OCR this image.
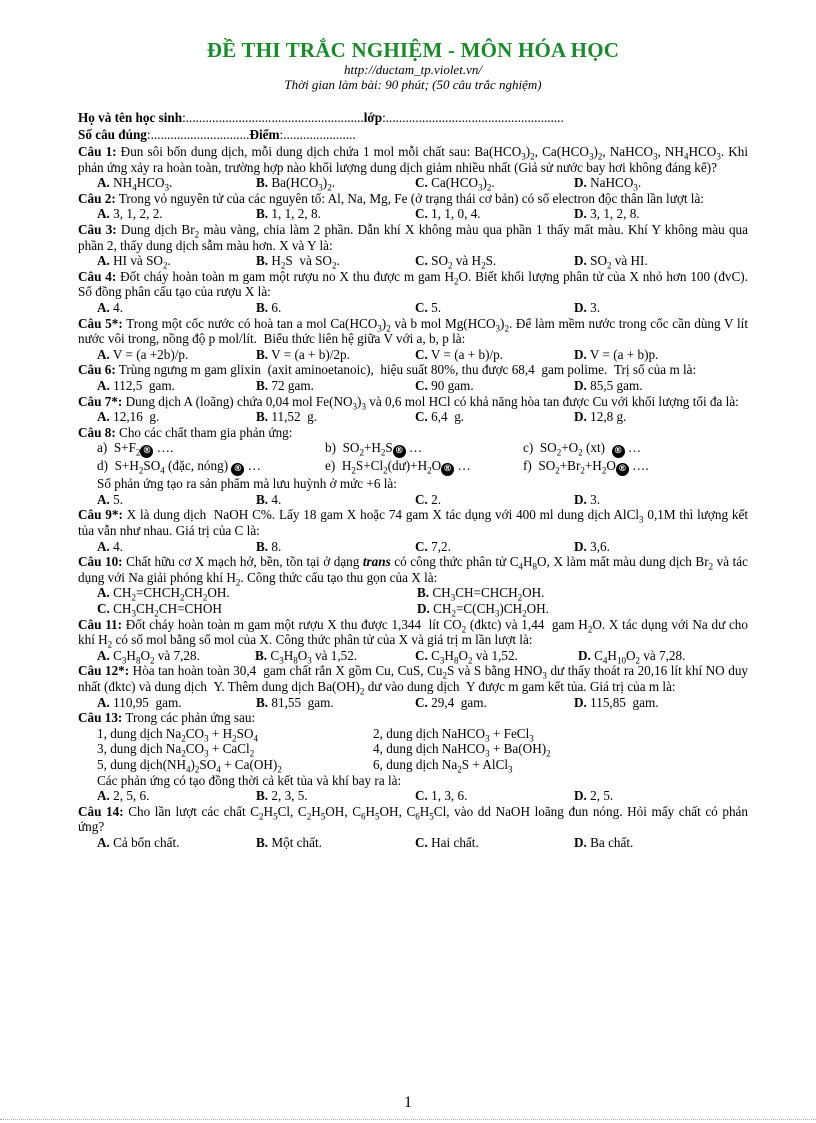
ĐỀ THI TRẮC NGHIỆM - MÔN HÓA HỌC
http://ductam_tp.violet.vn/
Thời gian làm bài: 90 phút; (50 câu trắc nghiệm)
Họ và tên học sinh:......................................................lớp:......................................................
Số câu đúng:..............................Điểm:......................
Câu 1: Đun sôi bốn dung dịch, mỗi dung dịch chứa 1 mol mỗi chất sau: $Ba(HCO_3)_2$, $Ca(HCO_3)_2$, NaHCO$_3$, $NH_4HCO_3$. Khi phản ứng xảy ra hoàn toàn, trường hợp nào khối lượng dung dịch giảm nhiều nhất (Giả sử nước bay hơi không đáng kể)?
A. $NH_4HCO_3$.	B. $Ba(HCO_3)_2$.	C. $Ca(HCO_3)_2$.	D. NaHCO$_3$.
Câu 2: Trong vỏ nguyên tử của các nguyên tố: Al, Na, Mg, Fe (ở trạng thái cơ bản) có số electron độc thân lần lượt là:
A. 3, 1, 2, 2.	B. 1, 1, 2, 8.	C. 1, 1, 0, 4.	D. 3, 1, 2, 8.
Câu 3: Dung dịch $Br_2$ màu vàng, chia làm 2 phần. Dẫn khí X không màu qua phần 1 thấy mất màu. Khí Y không màu qua phần 2, thấy dung dịch sẫm màu hơn. X và Y là:
A. HI và $SO_2$.	B. $H_2S$  và $SO_2$.	C. $SO_2$ và $H_2S$.	D. $SO_2$ và HI.
Câu 4: Đốt cháy hoàn toàn m gam một rượu no X thu được m gam $H_2O$. Biết khối lượng phân tử của X nhỏ hơn 100 (đvC). Số đồng phân cấu tạo của rượu X là:
A. 4.	B. 6.	C. 5.	D. 3.
Câu 5*: Trong một cốc nước có hoà tan a mol $Ca(HCO_3)_2$ và b mol $Mg(HCO_3)_2$. Để làm mềm nước trong cốc cần dùng V lít nước vôi trong, nồng độ p mol/lít.  Biểu thức liên hệ giữa V với a, b, p là:
A. V = (a +2b)/p.	B. V = (a + b)/2p.	C. V = (a + b)/p.	D. V = (a + b)p.
Câu 6: Trùng ngưng m gam glixin  (axit aminoetanoic),  hiệu suất 80%, thu được 68,4  gam polime.  Trị số của m là:
A. 112,5  gam.	B. 72 gam.	C. 90 gam.	D. 85,5 gam.
Câu 7*: Dung dịch A (loãng) chứa 0,04 mol $Fe(NO_3)_3$ và 0,6 mol HCl có khả năng hòa tan được Cu với khối lượng tối đa là:
A. 12,16  g.	B. 11,52  g.	C. 6,4  g.	D. 12,8 g.
Câu 8: Cho các chất tham gia phản ứng:
a)  $S+F_2$ ® ….	b)  $SO_2+H_2S$ ® …	c)  $SO_2+O_2$ (xt)  ® …
d)  $S+H_2SO_4$ (đặc, nóng) ® …	e)  $H_2S+Cl_2(dư)+H_2O$ ® …	f)  $SO_2+Br_2+H_2O$ ® ….
Số phản ứng tạo ra sản phẩm mà lưu huỳnh ở mức +6 là:
A. 5.	B. 4.	C. 2.	D. 3.
Câu 9*: X là dung dịch  NaOH C%. Lấy 18 gam X hoặc 74 gam X tác dụng với 400 ml dung dịch AlCl$_3$ 0,1M thì lượng kết tủa vẫn như nhau. Giá trị của C là:
A. 4.	B. 8.	C. 7,2.	D. 3,6.
Câu 10: Chất hữu cơ X mạch hở, bền, tồn tại ở dạng trans có công thức phân tử $C_4H_8O$, X làm mất màu dung dịch $Br_2$ và tác dụng với Na giải phóng khí $H_2$. Công thức cấu tạo thu gọn của X là:
A. $CH_2=CHCH_2CH_2OH$.	B. $CH_3CH=CHCH_2OH$.
C. $CH_3CH_2CH=CHOH$	D. $CH_2=C(CH_3)CH_2OH$.
Câu 11: Đốt cháy hoàn toàn m gam một rượu X thu được 1,344  lít $CO_2$ (đktc) và 1,44  gam $H_2O$. X tác dụng với Na dư cho khí $H_2$ có số mol bằng số mol của X. Công thức phân tử của X và giá trị m lần lượt là:
A. $C_3H_8O_2$ và 7,28.	B. $C_3H_8O_3$ và 1,52.	C. $C_3H_8O_2$ và 1,52.	D. $C_4H_{10}O_2$ và 7,28.
Câu 12*: Hòa tan hoàn toàn 30,4  gam chất rắn X gồm Cu, CuS, $Cu_2S$ và S bằng $HNO_3$ dư thấy thoát ra 20,16 lít khí NO duy nhất (đktc) và dung dịch  Y. Thêm dung dịch $Ba(OH)_2$ dư vào dung dịch  Y được m gam kết tủa. Giá trị của m là:
A. 110,95  gam.	B. 81,55  gam.	C. 29,4  gam.	D. 115,85  gam.
Câu 13: Trong các phản ứng sau:
1, dung dịch $Na_2CO_3 + H_2SO_4$	2, dung dịch NaHCO$_3$ + FeCl$_3$
3, dung dịch $Na_2CO_3$ + CaCl$_2$	4, dung dịch NaHCO$_3$ + $Ba(OH)_2$
5, dung $dịch(NH_4)_2SO_4 + Ca(OH)_2$	6, dung dịch $Na_2S$ + AlCl$_3$
Các phản ứng có tạo đồng thời cả kết tủa và khí bay ra là:
A. 2, 5, 6.	B. 2, 3, 5.	C. 1, 3, 6.	D. 2, 5.
Câu 14: Cho lần lượt các chất $C_2H_5Cl$, $C_2H_5OH$, $C_6H_5OH$, $C_6H_5Cl$, vào dd NaOH loãng đun nóng. Hỏi mấy chất có phản ứng?
A. Cả bốn chất.	B. Một chất.	C. Hai chất.	D. Ba chất.
1
